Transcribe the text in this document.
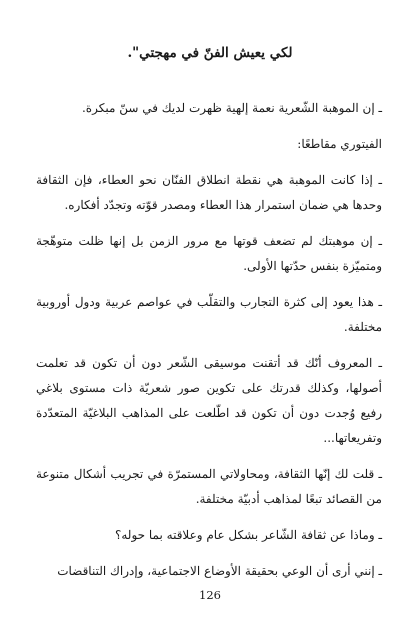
لكي يعيش الفنّ في مهجتي".

ـ إن الموهبة الشّعرية نعمة إلهية ظهرت لديك في سنّ مبكرة.

الفيتوري مقاطعًا:

ـ إذا كانت الموهبة هي نقطة انطلاق الفنّان نحو العطاء، فإن الثقافة وحدها هي ضمان استمرار هذا العطاء ومصدر قوّته وتجدّد أفكاره.

ـ إن موهبتك لم تضعف قوتها مع مرور الزمن بل إنها ظلت متوهّجة ومتميّزة بنفس حدّتها الأولى.

ـ هذا يعود إلى كثرة التجارب والتقلّب في عواصم عربية ودول أوروبية مختلفة.

ـ المعروف أنّك قد أتقنت موسيقى الشّعر دون أن تكون قد تعلمت أصولها، وكذلك قدرتك على تكوين صور شعريّة ذات مستوى بلاغي رفيع وُجدت دون أن تكون قد اطّلعت على المذاهب البلاغيّة المتعدّدة وتفريعاتها...

ـ قلت لك إنّها الثقافة، ومحاولاتي المستمرّة في تجريب أشكال متنوعة من القصائد تبعًا لمذاهب أدبيّة مختلفة.

ـ وماذا عن ثقافة الشّاعر بشكل عام وعلاقته بما حوله؟

ـ إنني أرى أن الوعي بحقيقة الأوضاع الاجتماعية، وإدراك التناقضات

126
